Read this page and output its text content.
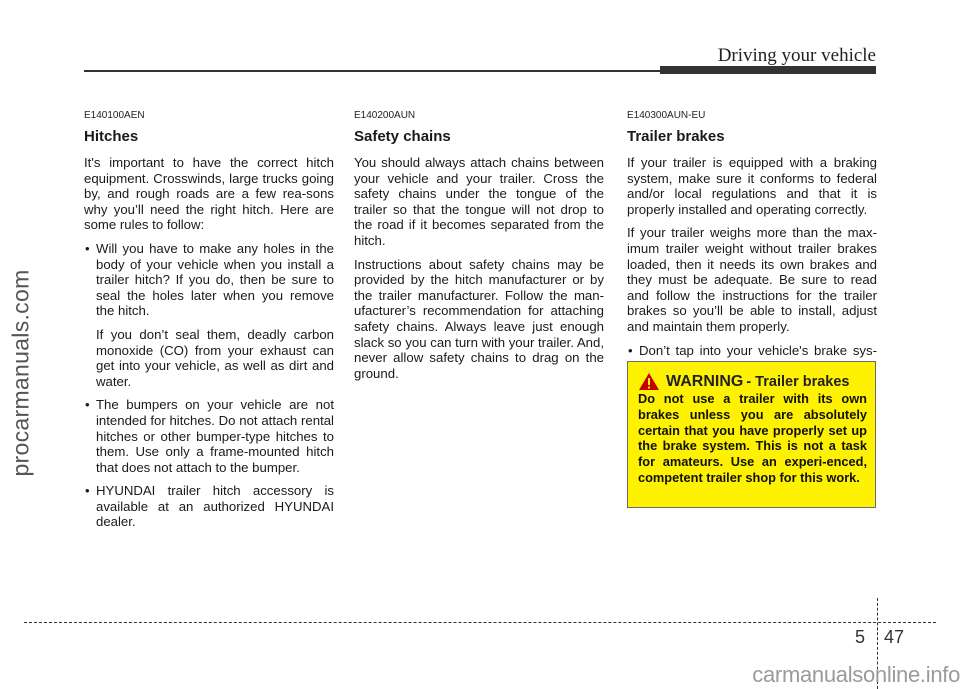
Driving your vehicle
procarmanuals.com
E140100AEN
Hitches

It's important to have the correct hitch equipment. Crosswinds, large trucks going by, and rough roads are a few rea-sons why you’ll need the right hitch. Here are some rules to follow:

• Will you have to make any holes in the body of your vehicle when you install a trailer hitch? If you do, then be sure to seal the holes later when you remove the hitch.

If you don’t seal them, deadly carbon monoxide (CO) from your exhaust can get into your vehicle, as well as dirt and water.

• The bumpers on your vehicle are not intended for hitches. Do not attach rental hitches or other bumper-type hitches to them. Use only a frame-mounted hitch that does not attach to the bumper.
• HYUNDAI trailer hitch accessory is available at an authorized HYUNDAI dealer.
E140200AUN
Safety chains

You should always attach chains between your vehicle and your trailer. Cross the safety chains under the tongue of the trailer so that the tongue will not drop to the road if it becomes separated from the hitch.

Instructions about safety chains may be provided by the hitch manufacturer or by the trailer manufacturer. Follow the man-ufacturer’s recommendation for attaching safety chains. Always leave just enough slack so you can turn with your trailer. And, never allow safety chains to drag on the ground.

E140300AUN-EU
Trailer brakes

If your trailer is equipped with a braking system, make sure it conforms to federal and/or local regulations and that it is properly installed and operating correctly.

If your trailer weighs more than the max-imum trailer weight without trailer brakes loaded, then it needs its own brakes and they must be adequate. Be sure to read and follow the instructions for the trailer brakes so you’ll be able to install, adjust and maintain them properly.

• Don’t tap into your vehicle's brake sys-
WARNING - Trailer brakes
Do not use a trailer with its own brakes unless you are absolutely certain that you have properly set up the brake system. This is not a task for amateurs. Use an experi-enced, competent trailer shop for this work.
5 47
carmanualsonline.info
